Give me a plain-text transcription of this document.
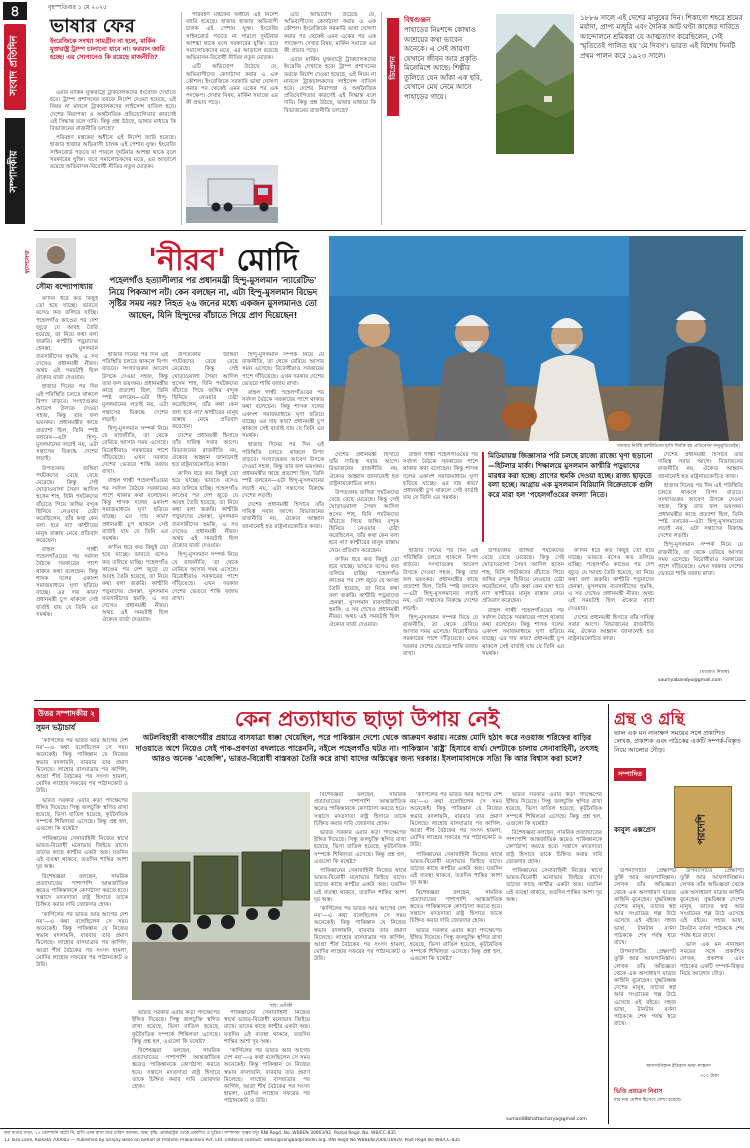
৪
সংবাদ প্রতিদিন
সম্পাদকীয়
বৃহস্পতিবার ১ মে ২০২৫
ভাষার ফের
ইংরেজিকে সংখ্যা সামগ্রীন না হলে, মার্কিন যুক্তরাষ্ট্র ট্রাম্প চালানো যাবে না। ফরমান জারি হচ্ছে। এর সোপানেও কি রয়েছে রাজনীতি?

এবার মার্কিন যুক্তরাষ্ট্রে ট্রাকচালকদের ইংরেজি দেখাতে হবে। ট্রাম্প প্রশাসনের তরফে নির্দেশ দেওয়া হয়েছে, এই নিয়ম না মানলে ট্রাকচালকদের লাইসেন্স বাতিল হবে। দেশের নিরাপত্তা ও অর্থনৈতিক প্রতিযোগিতার কারণেই এই সিদ্ধান্ত বলে দাবি। কিন্তু প্রশ্ন উঠছে, ভাষার মাধ্যমে কি বিভাজনের রাজনীতি চলছে?

পরিবহণ মন্ত্রকের অধীনে এই নির্দেশ জারি হয়েছে। হাজার হাজার অভিবাসী চালক এই পেশায় যুক্ত। ইংরেজি সাইনবোর্ড পড়তে না পারলে দুর্ঘটনার আশঙ্কা থাকে বলে সরকারের যুক্তি। তবে সমালোচকদের মতে, এর আড়ালে রয়েছে অভিবাসন-বিরোধী নীতির নতুন মোড়ক।

পরিবহণ মন্ত্রকের অধীনে এই নির্দেশ জারি হয়েছে। হাজার হাজার অভিবাসী চালক এই পেশায় যুক্ত। ইংরেজি সাইনবোর্ড পড়তে না পারলে দুর্ঘটনার আশঙ্কা থাকে বলে সরকারের যুক্তি। তবে সমালোচকদের মতে, এর আড়ালে রয়েছে অভিবাসন-বিরোধী নীতির নতুন মোড়ক।

এটি অভিযোগ উঠেছে যে, অভিবাসীদের কোণঠাসা করার এ এক কৌশল। ইংরেজিকে সরকারি ভাষা ঘোষণা করার পর থেকেই এমন একের পর এক পদক্ষেপ। দেখার বিষয়, মার্কিন সমাজে এর কী প্রভাব পড়ে।

এটি অভিযোগ উঠেছে যে, অভিবাসীদের কোণঠাসা করার এ এক কৌশল। ইংরেজিকে সরকারি ভাষা ঘোষণা করার পর থেকেই এমন একের পর এক পদক্ষেপ। দেখার বিষয়, মার্কিন সমাজে এর কী প্রভাব পড়ে।

এবার মার্কিন যুক্তরাষ্ট্রে ট্রাকচালকদের ইংরেজি দেখাতে হবে। ট্রাম্প প্রশাসনের তরফে নির্দেশ দেওয়া হয়েছে, এই নিয়ম না মানলে ট্রাকচালকদের লাইসেন্স বাতিল হবে। দেশের নিরাপত্তা ও অর্থনৈতিক প্রতিযোগিতার কারণেই এই সিদ্ধান্ত বলে দাবি। কিন্তু প্রশ্ন উঠছে, ভাষার মাধ্যমে কি বিভাজনের রাজনীতি চলছে?

ডিপ্রেশন
বিশ্বগুঞ্জন
পাহাড়ের নিঃশব্দে কোথাও আশ্রয়ের কথা ভাবেন অনেকে। এ সেই জায়গা যেখানে জীবন আর প্রকৃতি মিলেমিশে আছে। শিল্পীর তুলিতে যেন আঁকা এক ছবি, যেখানে মেঘ নেমে আসে পাহাড়ের গায়ে।
১৮৮৬ সালে এই দেশের মানুষের দিন। শিকাগো শহরে শ্রমের মর্যাদা, প্রাপ্য মজুরি এবং দৈনিক আট ঘণ্টা কাজের দাবিতে আন্দোলনে শ্রমিকরা যে আত্মত্যাগ করেছিলেন, সেই স্মৃতিতেই পালিত হয় 'মে দিবস'। ভারত এই বিশেষ দিনটি প্রথম পালন করে ১৯২৩ সালে।
স্বদেশলেখা
সৌম্য বন্দ্যোপাধ্যায়
'নীরব' মোদি
পহেলগাঁও হত্যালীলার পর প্রধানমন্ত্রী হিন্দু-মুসলমান 'ন্যারেটিভ' নিয়ে পিকআপ নট। কেন বলছেন না, এটা হিন্দু-মুসলমান বিভেদ সৃষ্টির সময় নয়? নিহত ২৬ জনের মধ্যে একজন মুসলমানও তো আছেন, যিনি হিন্দুদের বাঁচাতে গিয়ে প্রাণ দিয়েছেন!
বারবার নির্বিষ্ট কাশ্মীরিদের হাসি নির্বাক হয় প্রতিবেদন অনুভূতিতেইম্।

ক'দিন ধরে কত কিছুই তো হয়ে যাচ্ছে। ভাবতে বসেও কত তলিয়ে যাচ্ছি। পহেলগাঁও কাণ্ডের পর দেশ জুড়ে যে আবহ তৈরি হয়েছে, তা নিয়ে কথা বলা জরুরি। কাশ্মীরি পড়ুয়াদের হেনস্তা, মুসলমান ব্যবসায়ীদের হুমকি, এ সব দেখেও প্রধানমন্ত্রী নীরব। অথচ এই সময়টাই ছিল ঐক্যের বার্তা দেওয়ার।

হাজার দিনের পর দিন এই পরিস্থিতি চলতে থাকলে বিপদ বাড়বে। সংখ্যাগুরুর আবেগ উসকে দেওয়া সহজ, কিন্তু তার ফল ভয়ংকর। প্রধানমন্ত্রীর কাছে প্রত্যাশা ছিল, তিনি স্পষ্ট বলবেন—এটা হিন্দু-মুসলমানের লড়াই নয়, এটা সন্ত্রাসের বিরুদ্ধে দেশের লড়াই।

উপত্যকায় জঙ্গিরা পর্যটকদের বেছে বেছে মেরেছে। কিন্তু সেই ঘোড়াওয়ালা সৈয়দ আদিল হুসেন শাহ, যিনি পর্যটকদের বাঁচাতে গিয়ে জঙ্গির বন্দুক ছিনিয়ে নেওয়ার চেষ্টা করেছিলেন, তাঁর কথা কেন বলা হবে না? কাশ্মীরের মানুষ রাস্তায় নেমে প্রতিবাদ করেছেন।

রাহুল গান্ধী পহেলগাঁওয়ের পর সর্বদল বৈঠকে সরকারের পাশে থাকার কথা বলেছেন। কিন্তু শাসক দলের একাংশ সমাজমাধ্যমে ঘৃণা ছড়িয়ে যাচ্ছে। এর দায় কার? প্রধানমন্ত্রী চুপ থাকলে সেই বার্তাই যায় যে তিনি এর সমর্থক।

হাজার দিনের পর দিন এই পরিস্থিতি চলতে থাকলে বিপদ বাড়বে। সংখ্যাগুরুর আবেগ উসকে দেওয়া সহজ, কিন্তু তার ফল ভয়ংকর। প্রধানমন্ত্রীর কাছে প্রত্যাশা ছিল, তিনি স্পষ্ট বলবেন—এটা হিন্দু-মুসলমানের লড়াই নয়, এটা সন্ত্রাসের বিরুদ্ধে দেশের লড়াই।

হিন্দু-মুসলমান সম্পর্ক নিয়ে যে রাজনীতি, তা থেকে বেরিয়ে আসার সময় এসেছে। বিরোধীরাও সরকারের পাশে দাঁড়িয়েছে। এখন দরকার দেশের ভেতরে শান্তি বজায় রাখা।

রাহুল গান্ধী পহেলগাঁওয়ের পর সর্বদল বৈঠকে সরকারের পাশে থাকার কথা বলেছেন। কিন্তু শাসক দলের একাংশ সমাজমাধ্যমে ঘৃণা ছড়িয়ে যাচ্ছে। এর দায় কার? প্রধানমন্ত্রী চুপ থাকলে সেই বার্তাই যায় যে তিনি এর সমর্থক।

ক'দিন ধরে কত কিছুই তো হয়ে যাচ্ছে। ভাবতে বসেও কত তলিয়ে যাচ্ছি। পহেলগাঁও কাণ্ডের পর দেশ জুড়ে যে আবহ তৈরি হয়েছে, তা নিয়ে কথা বলা জরুরি। কাশ্মীরি পড়ুয়াদের হেনস্তা, মুসলমান ব্যবসায়ীদের হুমকি, এ সব দেখেও প্রধানমন্ত্রী নীরব। অথচ এই সময়টাই ছিল ঐক্যের বার্তা দেওয়ার।

উপত্যকায় জঙ্গিরা পর্যটকদের বেছে বেছে মেরেছে। কিন্তু সেই ঘোড়াওয়ালা সৈয়দ আদিল হুসেন শাহ, যিনি পর্যটকদের বাঁচাতে গিয়ে জঙ্গির বন্দুক ছিনিয়ে নেওয়ার চেষ্টা করেছিলেন, তাঁর কথা কেন বলা হবে না? কাশ্মীরের মানুষ রাস্তায় নেমে প্রতিবাদ করেছেন।

দেশের প্রধানমন্ত্রী হিসাবে তাঁর দায়িত্ব সবার আগে। বিভাজনের রাজনীতি নয়, ঐক্যের আহ্বান জানানোই হত রাষ্ট্রনায়কোচিত কাজ।

ক'দিন ধরে কত কিছুই তো হয়ে যাচ্ছে। ভাবতে বসেও কত তলিয়ে যাচ্ছি। পহেলগাঁও কাণ্ডের পর দেশ জুড়ে যে আবহ তৈরি হয়েছে, তা নিয়ে কথা বলা জরুরি। কাশ্মীরি পড়ুয়াদের হেনস্তা, মুসলমান ব্যবসায়ীদের হুমকি, এ সব দেখেও প্রধানমন্ত্রী নীরব। অথচ এই সময়টাই ছিল ঐক্যের বার্তা দেওয়ার।

হিন্দু-মুসলমান সম্পর্ক নিয়ে যে রাজনীতি, তা থেকে বেরিয়ে আসার সময় এসেছে। বিরোধীরাও সরকারের পাশে দাঁড়িয়েছে। এখন দরকার দেশের ভেতরে শান্তি বজায় রাখা।

হিন্দু-মুসলমান সম্পর্ক নিয়ে যে রাজনীতি, তা থেকে বেরিয়ে আসার সময় এসেছে। বিরোধীরাও সরকারের পাশে দাঁড়িয়েছে। এখন দরকার দেশের ভেতরে শান্তি বজায় রাখা।

রাহুল গান্ধী পহেলগাঁওয়ের পর সর্বদল বৈঠকে সরকারের পাশে থাকার কথা বলেছেন। কিন্তু শাসক দলের একাংশ সমাজমাধ্যমে ঘৃণা ছড়িয়ে যাচ্ছে। এর দায় কার? প্রধানমন্ত্রী চুপ থাকলে সেই বার্তাই যায় যে তিনি এর সমর্থক।

হাজার দিনের পর দিন এই পরিস্থিতি চলতে থাকলে বিপদ বাড়বে। সংখ্যাগুরুর আবেগ উসকে দেওয়া সহজ, কিন্তু তার ফল ভয়ংকর। প্রধানমন্ত্রীর কাছে প্রত্যাশা ছিল, তিনি স্পষ্ট বলবেন—এটা হিন্দু-মুসলমানের লড়াই নয়, এটা সন্ত্রাসের বিরুদ্ধে দেশের লড়াই।

দেশের প্রধানমন্ত্রী হিসাবে তাঁর দায়িত্ব সবার আগে। বিভাজনের রাজনীতি নয়, ঐক্যের আহ্বান জানানোই হত রাষ্ট্রনায়কোচিত কাজ।

দেশের প্রধানমন্ত্রী হিসাবে তাঁর দায়িত্ব সবার আগে। বিভাজনের রাজনীতি নয়, ঐক্যের আহ্বান জানানোই হত রাষ্ট্রনায়কোচিত কাজ।

উপত্যকায় জঙ্গিরা পর্যটকদের বেছে বেছে মেরেছে। কিন্তু সেই ঘোড়াওয়ালা সৈয়দ আদিল হুসেন শাহ, যিনি পর্যটকদের বাঁচাতে গিয়ে জঙ্গির বন্দুক ছিনিয়ে নেওয়ার চেষ্টা করেছিলেন, তাঁর কথা কেন বলা হবে না? কাশ্মীরের মানুষ রাস্তায় নেমে প্রতিবাদ করেছেন।

ক'দিন ধরে কত কিছুই তো হয়ে যাচ্ছে। ভাবতে বসেও কত তলিয়ে যাচ্ছি। পহেলগাঁও কাণ্ডের পর দেশ জুড়ে যে আবহ তৈরি হয়েছে, তা নিয়ে কথা বলা জরুরি। কাশ্মীরি পড়ুয়াদের হেনস্তা, মুসলমান ব্যবসায়ীদের হুমকি, এ সব দেখেও প্রধানমন্ত্রী নীরব। অথচ এই সময়টাই ছিল ঐক্যের বার্তা দেওয়ার।

রাহুল গান্ধী পহেলগাঁওয়ের পর সর্বদল বৈঠকে সরকারের পাশে থাকার কথা বলেছেন। কিন্তু শাসক দলের একাংশ সমাজমাধ্যমে ঘৃণা ছড়িয়ে যাচ্ছে। এর দায় কার? প্রধানমন্ত্রী চুপ থাকলে সেই বার্তাই যায় যে তিনি এর সমর্থক।

মিডিয়ায়স্ত জিজ্ঞাসার পরি চলছে রাজ্যে রাজ্যে ঘৃণা ছড়ানো—হিটলার মার্কা। শিক্ষালয়ে মুসলমান কাশ্মীরি পড়ুয়াদের মারধর করা হচ্ছে। প্রাণের হুমকি দেওয়া হচ্ছে। রাজ্য ছাড়তে বলা হচ্ছে। আগ্রায় এক মুসলমান বিরিয়ানি বিক্রেতাকে গুলি করে মারা হল 'পহেলগাঁওয়ের বদলা' নিতে।

হাজার দিনের পর দিন এই পরিস্থিতি চলতে থাকলে বিপদ বাড়বে। সংখ্যাগুরুর আবেগ উসকে দেওয়া সহজ, কিন্তু তার ফল ভয়ংকর। প্রধানমন্ত্রীর কাছে প্রত্যাশা ছিল, তিনি স্পষ্ট বলবেন—এটা হিন্দু-মুসলমানের লড়াই নয়, এটা সন্ত্রাসের বিরুদ্ধে দেশের লড়াই।

হিন্দু-মুসলমান সম্পর্ক নিয়ে যে রাজনীতি, তা থেকে বেরিয়ে আসার সময় এসেছে। বিরোধীরাও সরকারের পাশে দাঁড়িয়েছে। এখন দরকার দেশের ভেতরে শান্তি বজায় রাখা।

উপত্যকায় জঙ্গিরা পর্যটকদের বেছে বেছে মেরেছে। কিন্তু সেই ঘোড়াওয়ালা সৈয়দ আদিল হুসেন শাহ, যিনি পর্যটকদের বাঁচাতে গিয়ে জঙ্গির বন্দুক ছিনিয়ে নেওয়ার চেষ্টা করেছিলেন, তাঁর কথা কেন বলা হবে না? কাশ্মীরের মানুষ রাস্তায় নেমে প্রতিবাদ করেছেন।

রাহুল গান্ধী পহেলগাঁওয়ের পর সর্বদল বৈঠকে সরকারের পাশে থাকার কথা বলেছেন। কিন্তু শাসক দলের একাংশ সমাজমাধ্যমে ঘৃণা ছড়িয়ে যাচ্ছে। এর দায় কার? প্রধানমন্ত্রী চুপ থাকলে সেই বার্তাই যায় যে তিনি এর সমর্থক।

ক'দিন ধরে কত কিছুই তো হয়ে যাচ্ছে। ভাবতে বসেও কত তলিয়ে যাচ্ছি। পহেলগাঁও কাণ্ডের পর দেশ জুড়ে যে আবহ তৈরি হয়েছে, তা নিয়ে কথা বলা জরুরি। কাশ্মীরি পড়ুয়াদের হেনস্তা, মুসলমান ব্যবসায়ীদের হুমকি, এ সব দেখেও প্রধানমন্ত্রী নীরব। অথচ এই সময়টাই ছিল ঐক্যের বার্তা দেওয়ার।

দেশের প্রধানমন্ত্রী হিসাবে তাঁর দায়িত্ব সবার আগে। বিভাজনের রাজনীতি নয়, ঐক্যের আহ্বান জানানোই হত রাষ্ট্রনায়কোচিত কাজ।

দেশের প্রধানমন্ত্রী হিসাবে তাঁর দায়িত্ব সবার আগে। বিভাজনের রাজনীতি নয়, ঐক্যের আহ্বান জানানোই হত রাষ্ট্রনায়কোচিত কাজ।

হাজার দিনের পর দিন এই পরিস্থিতি চলতে থাকলে বিপদ বাড়বে। সংখ্যাগুরুর আবেগ উসকে দেওয়া সহজ, কিন্তু তার ফল ভয়ংকর। প্রধানমন্ত্রীর কাছে প্রত্যাশা ছিল, তিনি স্পষ্ট বলবেন—এটা হিন্দু-মুসলমানের লড়াই নয়, এটা সন্ত্রাসের বিরুদ্ধে দেশের লড়াই।

হিন্দু-মুসলমান সম্পর্ক নিয়ে যে রাজনীতি, তা থেকে বেরিয়ে আসার সময় এসেছে। বিরোধীরাও সরকারের পাশে দাঁড়িয়েছে। এখন দরকার দেশের ভেতরে শান্তি বজায় রাখা।

(মতামত নিজস্ব)
saumyabandyo@gmail.com
উত্তর সম্পাদকীয় ২
সুমন ভট্টাচার্য	কেন প্রত্যাঘাত ছাড়া উপায় নেই
অটলবিহারী বাজপেয়ীর প্রয়াত্রে বাসযাত্রা ধাক্কা খেয়েছিল, পরে পাকিস্তান দেশ্যে থেকে আক্রমণ করায়। নরেন্দ্র মোদি হঠাৎ করে নওয়াজ শরিফের বাড়ির দাওয়াতে অশে নিয়েও সেই পাক-প্রবণতা বদলাতে পারেননি, নইলে পহেলগাঁও ঘটত না। পাকিস্তান 'রাষ্ট্র' হিসাবে ব্যর্থ। দেশটাকে চালায় সেনাবাহিনী, তৎসহ আরও অনেক 'এজেন্সি', ভারত-বিরোধী বাস্তবতা তৈরি করে রাখা যাদের অস্তিত্বের জন্য দরকার। ইসলামাবাদকে সত্যি কি আর বিশ্বাস করা চলে?

'কার্গিলের পর ভারত আর আগের দেশ নয়'—এ কথা বলেছিলেন সে সময় অনেকেই। কিন্তু পাকিস্তান যে নিজের স্বভাব বদলায়নি, বারবার তার প্রমাণ মিলেছে। লাহোর বাসযাত্রার পর কার্গিল, আগ্রা শীর্ষ বৈঠকের পর সংসদ হামলা, মোদির লাহোর সফরের পর পাঠানকোট ও উরি।

ভারত সরকার এবার কড়া পদক্ষেপের ইঙ্গিত দিয়েছে। সিন্ধু জলচুক্তি স্থগিত রাখা হয়েছে, ভিসা বাতিল হয়েছে, কূটনৈতিক সম্পর্কে শিথিলতা এসেছে। কিন্তু প্রশ্ন হল, এগুলো কি যথেষ্ট?

পাকিস্তানের সেনাবাহিনী নিজের স্বার্থে ভারত-বিরোধী মনোভাব জিইয়ে রাখে। তাদের কাছে কাশ্মীর একটা অস্ত্র। যতদিন এই ব্যবস্থা থাকবে, ততদিন শান্তির আশা দূর অস্ত।

বিশেষজ্ঞরা বলছেন, সামরিক প্রত্যাঘাতের পাশাপাশি আন্তর্জাতিক স্তরেও পাকিস্তানকে কোণঠাসা করতে হবে। সন্ত্রাসে মদতদাতা রাষ্ট্র হিসাবে তাকে চিহ্নিত করার দাবি জোরদার হোক।

'কার্গিলের পর ভারত আর আগের দেশ নয়'—এ কথা বলেছিলেন সে সময় অনেকেই। কিন্তু পাকিস্তান যে নিজের স্বভাব বদলায়নি, বারবার তার প্রমাণ মিলেছে। লাহোর বাসযাত্রার পর কার্গিল, আগ্রা শীর্ষ বৈঠকের পর সংসদ হামলা, মোদির লাহোর সফরের পর পাঠানকোট ও উরি।

ছবি: প্রতীকী

ভারত সরকার এবার কড়া পদক্ষেপের ইঙ্গিত দিয়েছে। সিন্ধু জলচুক্তি স্থগিত রাখা হয়েছে, ভিসা বাতিল হয়েছে, কূটনৈতিক সম্পর্কে শিথিলতা এসেছে। কিন্তু প্রশ্ন হল, এগুলো কি যথেষ্ট?

বিশেষজ্ঞরা বলছেন, সামরিক প্রত্যাঘাতের পাশাপাশি আন্তর্জাতিক স্তরেও পাকিস্তানকে কোণঠাসা করতে হবে। সন্ত্রাসে মদতদাতা রাষ্ট্র হিসাবে তাকে চিহ্নিত করার দাবি জোরদার হোক।

পাকিস্তানের সেনাবাহিনী নিজের স্বার্থে ভারত-বিরোধী মনোভাব জিইয়ে রাখে। তাদের কাছে কাশ্মীর একটা অস্ত্র। যতদিন এই ব্যবস্থা থাকবে, ততদিন শান্তির আশা দূর অস্ত।

'কার্গিলের পর ভারত আর আগের দেশ নয়'—এ কথা বলেছিলেন সে সময় অনেকেই। কিন্তু পাকিস্তান যে নিজের স্বভাব বদলায়নি, বারবার তার প্রমাণ মিলেছে। লাহোর বাসযাত্রার পর কার্গিল, আগ্রা শীর্ষ বৈঠকের পর সংসদ হামলা, মোদির লাহোর সফরের পর পাঠানকোট ও উরি।

বিশেষজ্ঞরা বলছেন, সামরিক প্রত্যাঘাতের পাশাপাশি আন্তর্জাতিক স্তরেও পাকিস্তানকে কোণঠাসা করতে হবে। সন্ত্রাসে মদতদাতা রাষ্ট্র হিসাবে তাকে চিহ্নিত করার দাবি জোরদার হোক।

ভারত সরকার এবার কড়া পদক্ষেপের ইঙ্গিত দিয়েছে। সিন্ধু জলচুক্তি স্থগিত রাখা হয়েছে, ভিসা বাতিল হয়েছে, কূটনৈতিক সম্পর্কে শিথিলতা এসেছে। কিন্তু প্রশ্ন হল, এগুলো কি যথেষ্ট?

পাকিস্তানের সেনাবাহিনী নিজের স্বার্থে ভারত-বিরোধী মনোভাব জিইয়ে রাখে। তাদের কাছে কাশ্মীর একটা অস্ত্র। যতদিন এই ব্যবস্থা থাকবে, ততদিন শান্তির আশা দূর অস্ত।

'কার্গিলের পর ভারত আর আগের দেশ নয়'—এ কথা বলেছিলেন সে সময় অনেকেই। কিন্তু পাকিস্তান যে নিজের স্বভাব বদলায়নি, বারবার তার প্রমাণ মিলেছে। লাহোর বাসযাত্রার পর কার্গিল, আগ্রা শীর্ষ বৈঠকের পর সংসদ হামলা, মোদির লাহোর সফরের পর পাঠানকোট ও উরি।

'কার্গিলের পর ভারত আর আগের দেশ নয়'—এ কথা বলেছিলেন সে সময় অনেকেই। কিন্তু পাকিস্তান যে নিজের স্বভাব বদলায়নি, বারবার তার প্রমাণ মিলেছে। লাহোর বাসযাত্রার পর কার্গিল, আগ্রা শীর্ষ বৈঠকের পর সংসদ হামলা, মোদির লাহোর সফরের পর পাঠানকোট ও উরি।

পাকিস্তানের সেনাবাহিনী নিজের স্বার্থে ভারত-বিরোধী মনোভাব জিইয়ে রাখে। তাদের কাছে কাশ্মীর একটা অস্ত্র। যতদিন এই ব্যবস্থা থাকবে, ততদিন শান্তির আশা দূর অস্ত।

বিশেষজ্ঞরা বলছেন, সামরিক প্রত্যাঘাতের পাশাপাশি আন্তর্জাতিক স্তরেও পাকিস্তানকে কোণঠাসা করতে হবে। সন্ত্রাসে মদতদাতা রাষ্ট্র হিসাবে তাকে চিহ্নিত করার দাবি জোরদার হোক।

ভারত সরকার এবার কড়া পদক্ষেপের ইঙ্গিত দিয়েছে। সিন্ধু জলচুক্তি স্থগিত রাখা হয়েছে, ভিসা বাতিল হয়েছে, কূটনৈতিক সম্পর্কে শিথিলতা এসেছে। কিন্তু প্রশ্ন হল, এগুলো কি যথেষ্ট?

ভারত সরকার এবার কড়া পদক্ষেপের ইঙ্গিত দিয়েছে। সিন্ধু জলচুক্তি স্থগিত রাখা হয়েছে, ভিসা বাতিল হয়েছে, কূটনৈতিক সম্পর্কে শিথিলতা এসেছে। কিন্তু প্রশ্ন হল, এগুলো কি যথেষ্ট?

বিশেষজ্ঞরা বলছেন, সামরিক প্রত্যাঘাতের পাশাপাশি আন্তর্জাতিক স্তরেও পাকিস্তানকে কোণঠাসা করতে হবে। সন্ত্রাসে মদতদাতা রাষ্ট্র হিসাবে তাকে চিহ্নিত করার দাবি জোরদার হোক।

পাকিস্তানের সেনাবাহিনী নিজের স্বার্থে ভারত-বিরোধী মনোভাব জিইয়ে রাখে। তাদের কাছে কাশ্মীর একটা অস্ত্র। যতদিন এই ব্যবস্থা থাকবে, ততদিন শান্তির আশা দূর অস্ত।

suman08bhattacharya@gmail.com
গ্রন্থ ও গ্রন্থি
ভাল এক মন নানাক্ষণ সময়ের সঙ্গে প্রকাশিত লেখক, প্রকাশক এবং পাঠকের একটি সম্পর্ক-বিস্তৃত নিয়ে আলোর দৌড়।
সম্পাদিত
পরদেশি
কাবুল এক্সপ্রেস

উপন্যাসটির প্রেক্ষাপট তুর্কি আর আফগানিস্তান। লেখক তাঁর অভিজ্ঞতা থেকে এক অসাধারণ যাত্রার কাহিনি বুনেছেন। যুদ্ধবিধ্বস্ত দেশের মানুষ, তাদের স্বপ্ন আর সংগ্রামের গল্প উঠে এসেছে এই বইয়ে। সহজ ভাষা, টানটান বর্ণনা পাঠককে শেষ পর্যন্ত ধরে রাখে।

উপন্যাসটির প্রেক্ষাপট তুর্কি আর আফগানিস্তান। লেখক তাঁর অভিজ্ঞতা থেকে এক অসাধারণ যাত্রার কাহিনি বুনেছেন। যুদ্ধবিধ্বস্ত দেশের মানুষ, তাদের স্বপ্ন আর সংগ্রামের গল্প উঠে এসেছে এই বইয়ে। সহজ ভাষা, টানটান বর্ণনা পাঠককে শেষ পর্যন্ত ধরে রাখে।

উপন্যাসটির প্রেক্ষাপট তুর্কি আর আফগানিস্তান। লেখক তাঁর অভিজ্ঞতা থেকে এক অসাধারণ যাত্রার কাহিনি বুনেছেন। যুদ্ধবিধ্বস্ত দেশের মানুষ, তাদের স্বপ্ন আর সংগ্রামের গল্প উঠে এসেছে এই বইয়ে। সহজ ভাষা, টানটান বর্ণনা পাঠককে শেষ পর্যন্ত ধরে রাখে।

ভাল এক মন নানাক্ষণ সময়ের সঙ্গে প্রকাশিত লেখক, প্রকাশক এবং পাঠকের একটি সম্পর্ক-বিস্তৃত নিয়ে আলোর দৌড়।

আফগানিস্তান ইতিহাস সময় সংস্করণ
৩০০ টাকা
ভিত্তি প্রয়াত্রন নিবাস
যার নাম মেশিন হিসেবে লেখা হয়েছে।
কল ব্যথার গাড়া, ১০ কোম্পানি অটো নি, হাসি এমন রাখা আর চারিস বর্তমান, অন্ত: বৃদ্ধি, প্রাক্তরাষ্ট্রক থেকে প্রকাশিত ও মুদ্রিত। সম্পাদক: সৃঞ্জয় বসু। RNI Regd. No. WBBEN 30663/92. Postal Regd. No. WB/CC-835
13 Tara Lane, Kolkata 700003 — Published by Srinjay Bose on behalf of Pratidin Prakashani Pvt. Ltd. Editorial contact: editor@sangbadpratidin.org. RNI Regd No WBBEN/2006/16929, Post Regd No WB/CC-835
